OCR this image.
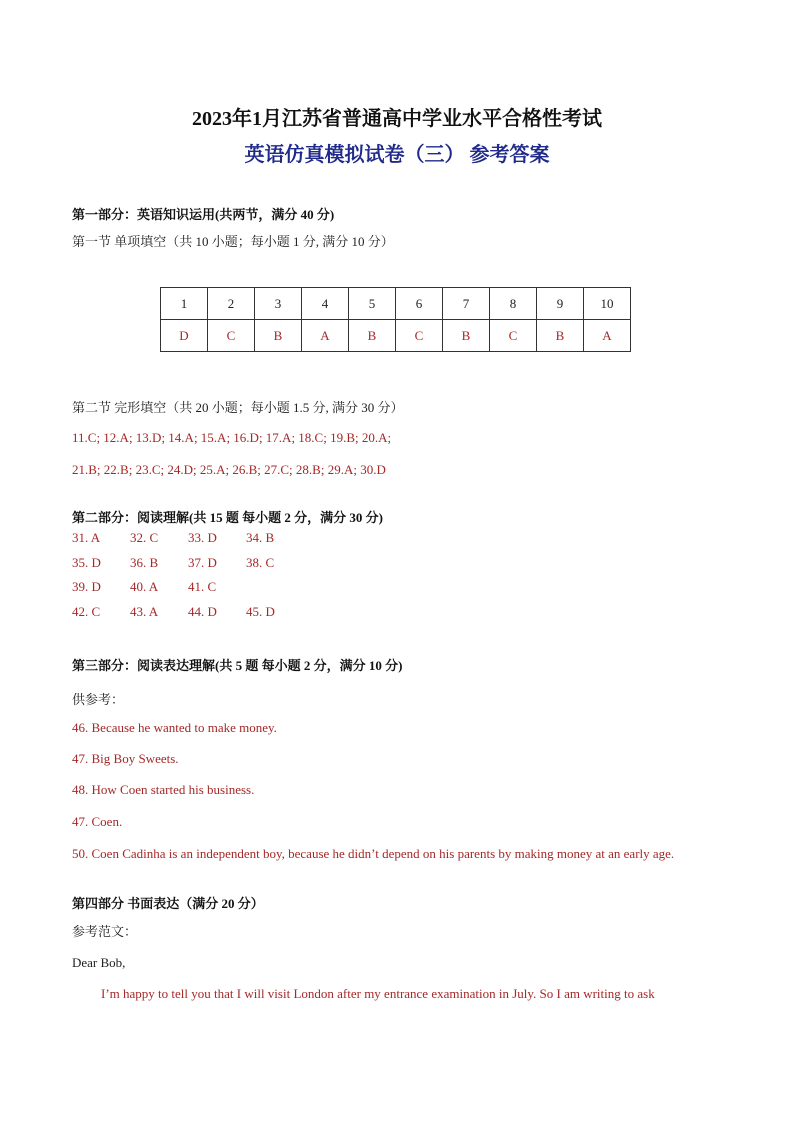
2023年1月江苏省普通高中学业水平合格性考试
英语仿真模拟试卷（三） 参考答案
第一部分：英语知识运用(共两节，满分 40 分)
第一节 单项填空（共 10 小题；每小题 1 分, 满分 10 分）
1	2	3	4	5	6	7	8	9	10
D	C	B	A	B	C	B	C	B	A
第二节 完形填空（共 20 小题；每小题 1.5 分, 满分 30 分）
11.C; 12.A; 13.D; 14.A; 15.A; 16.D; 17.A; 18.C; 19.B; 20.A;
21.B; 22.B; 23.C; 24.D; 25.A; 26.B; 27.C; 28.B; 29.A; 30.D
第二部分：阅读理解(共 15 题 每小题 2 分，满分 30 分)
31. A 32. C 33. D 34. B
35. D 36. B 37. D 38. C
39. D 40. A 41. C
42. C 43. A 44. D 45. D
第三部分：阅读表达理解(共 5 题 每小题 2 分，满分 10 分)
供参考：
46. Because he wanted to make money.
47. Big Boy Sweets.
48. How Coen started his business.
47. Coen.
50. Coen Cadinha is an independent boy, because he didn’t depend on his parents by making money at an early age.
第四部分 书面表达（满分 20 分）
参考范文：
Dear Bob,
I’m happy to tell you that I will visit London after my entrance examination in July. So I am writing to ask
